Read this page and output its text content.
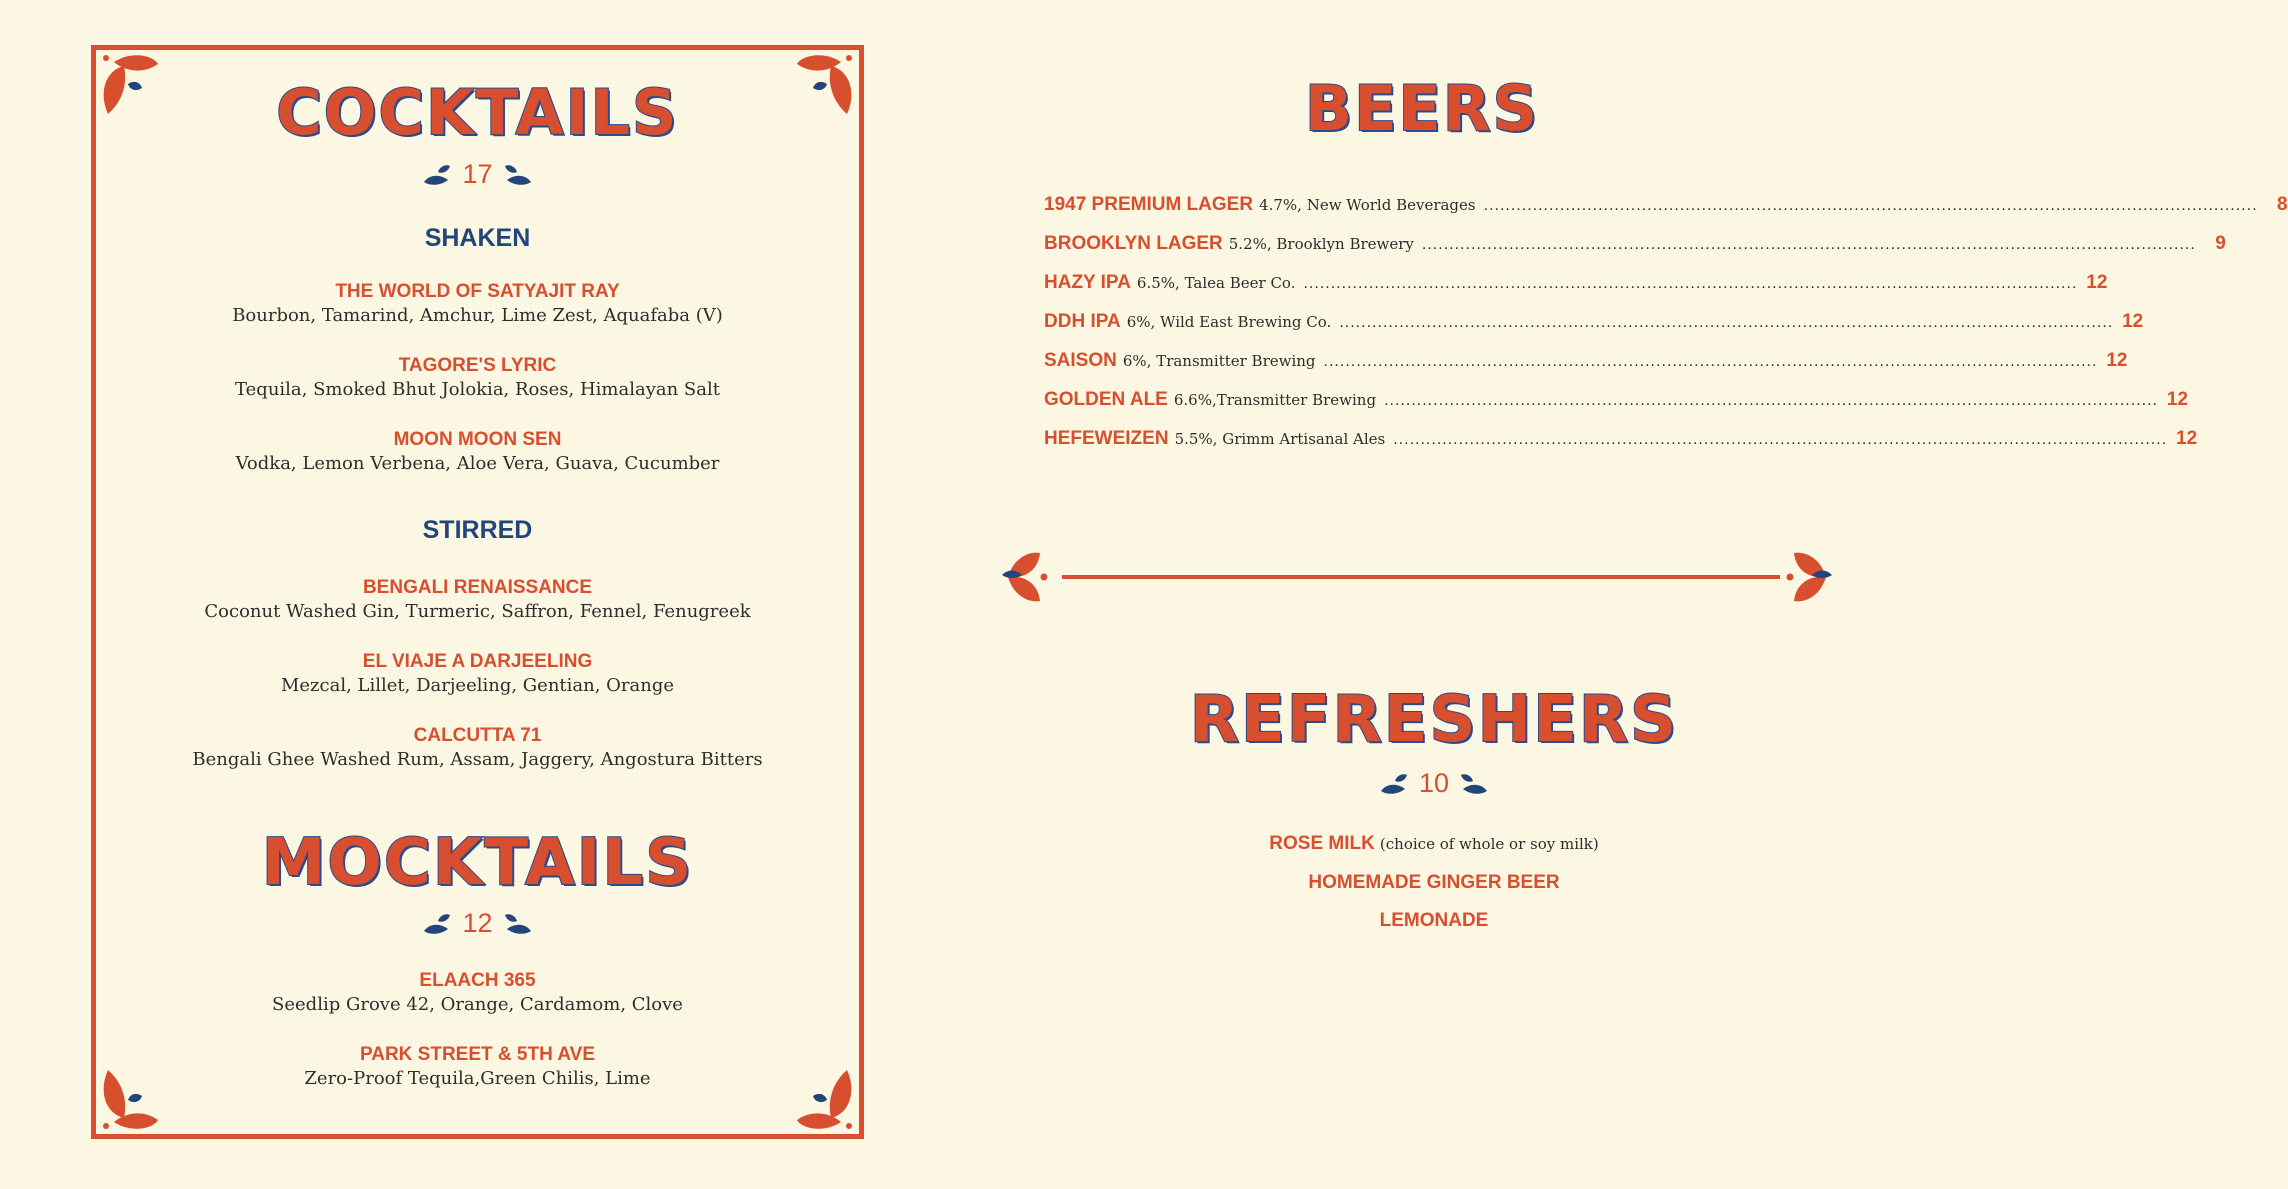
COCKTAILS
17
SHAKEN
THE WORLD OF SATYAJIT RAY
Bourbon, Tamarind, Amchur, Lime Zest, Aquafaba (V)
TAGORE'S LYRIC
Tequila, Smoked Bhut Jolokia, Roses, Himalayan Salt
MOON MOON SEN
Vodka, Lemon Verbena, Aloe Vera, Guava, Cucumber
STIRRED
BENGALI RENAISSANCE
Coconut Washed Gin, Turmeric, Saffron, Fennel, Fenugreek
EL VIAJE A DARJEELING
Mezcal, Lillet, Darjeeling, Gentian, Orange
CALCUTTA 71
Bengali Ghee Washed Rum, Assam, Jaggery, Angostura Bitters
MOCKTAILS
12
ELAACH 365
Seedlip Grove 42, Orange, Cardamom, Clove
PARK STREET & 5TH AVE
Zero-Proof Tequila,Green Chilis, Lime
BEERS
1947 PREMIUM LAGER 4.7%, New World Beverages ..............................................................................................................................................	8
BROOKLYN LAGER 5.2%, Brooklyn Brewery ..............................................................................................................................................	9
HAZY IPA 6.5%, Talea Beer Co. .............................................................................................................................................. 12
DDH IPA 6%, Wild East Brewing Co. .............................................................................................................................................. 12
SAISON 6%, Transmitter Brewing .............................................................................................................................................. 12
GOLDEN ALE 6.6%,Transmitter Brewing .............................................................................................................................................. 12
HEFEWEIZEN 5.5%, Grimm Artisanal Ales .............................................................................................................................................. 12
REFRESHERS
10
ROSE MILK (choice of whole or soy milk)
HOMEMADE GINGER BEER
LEMONADE
